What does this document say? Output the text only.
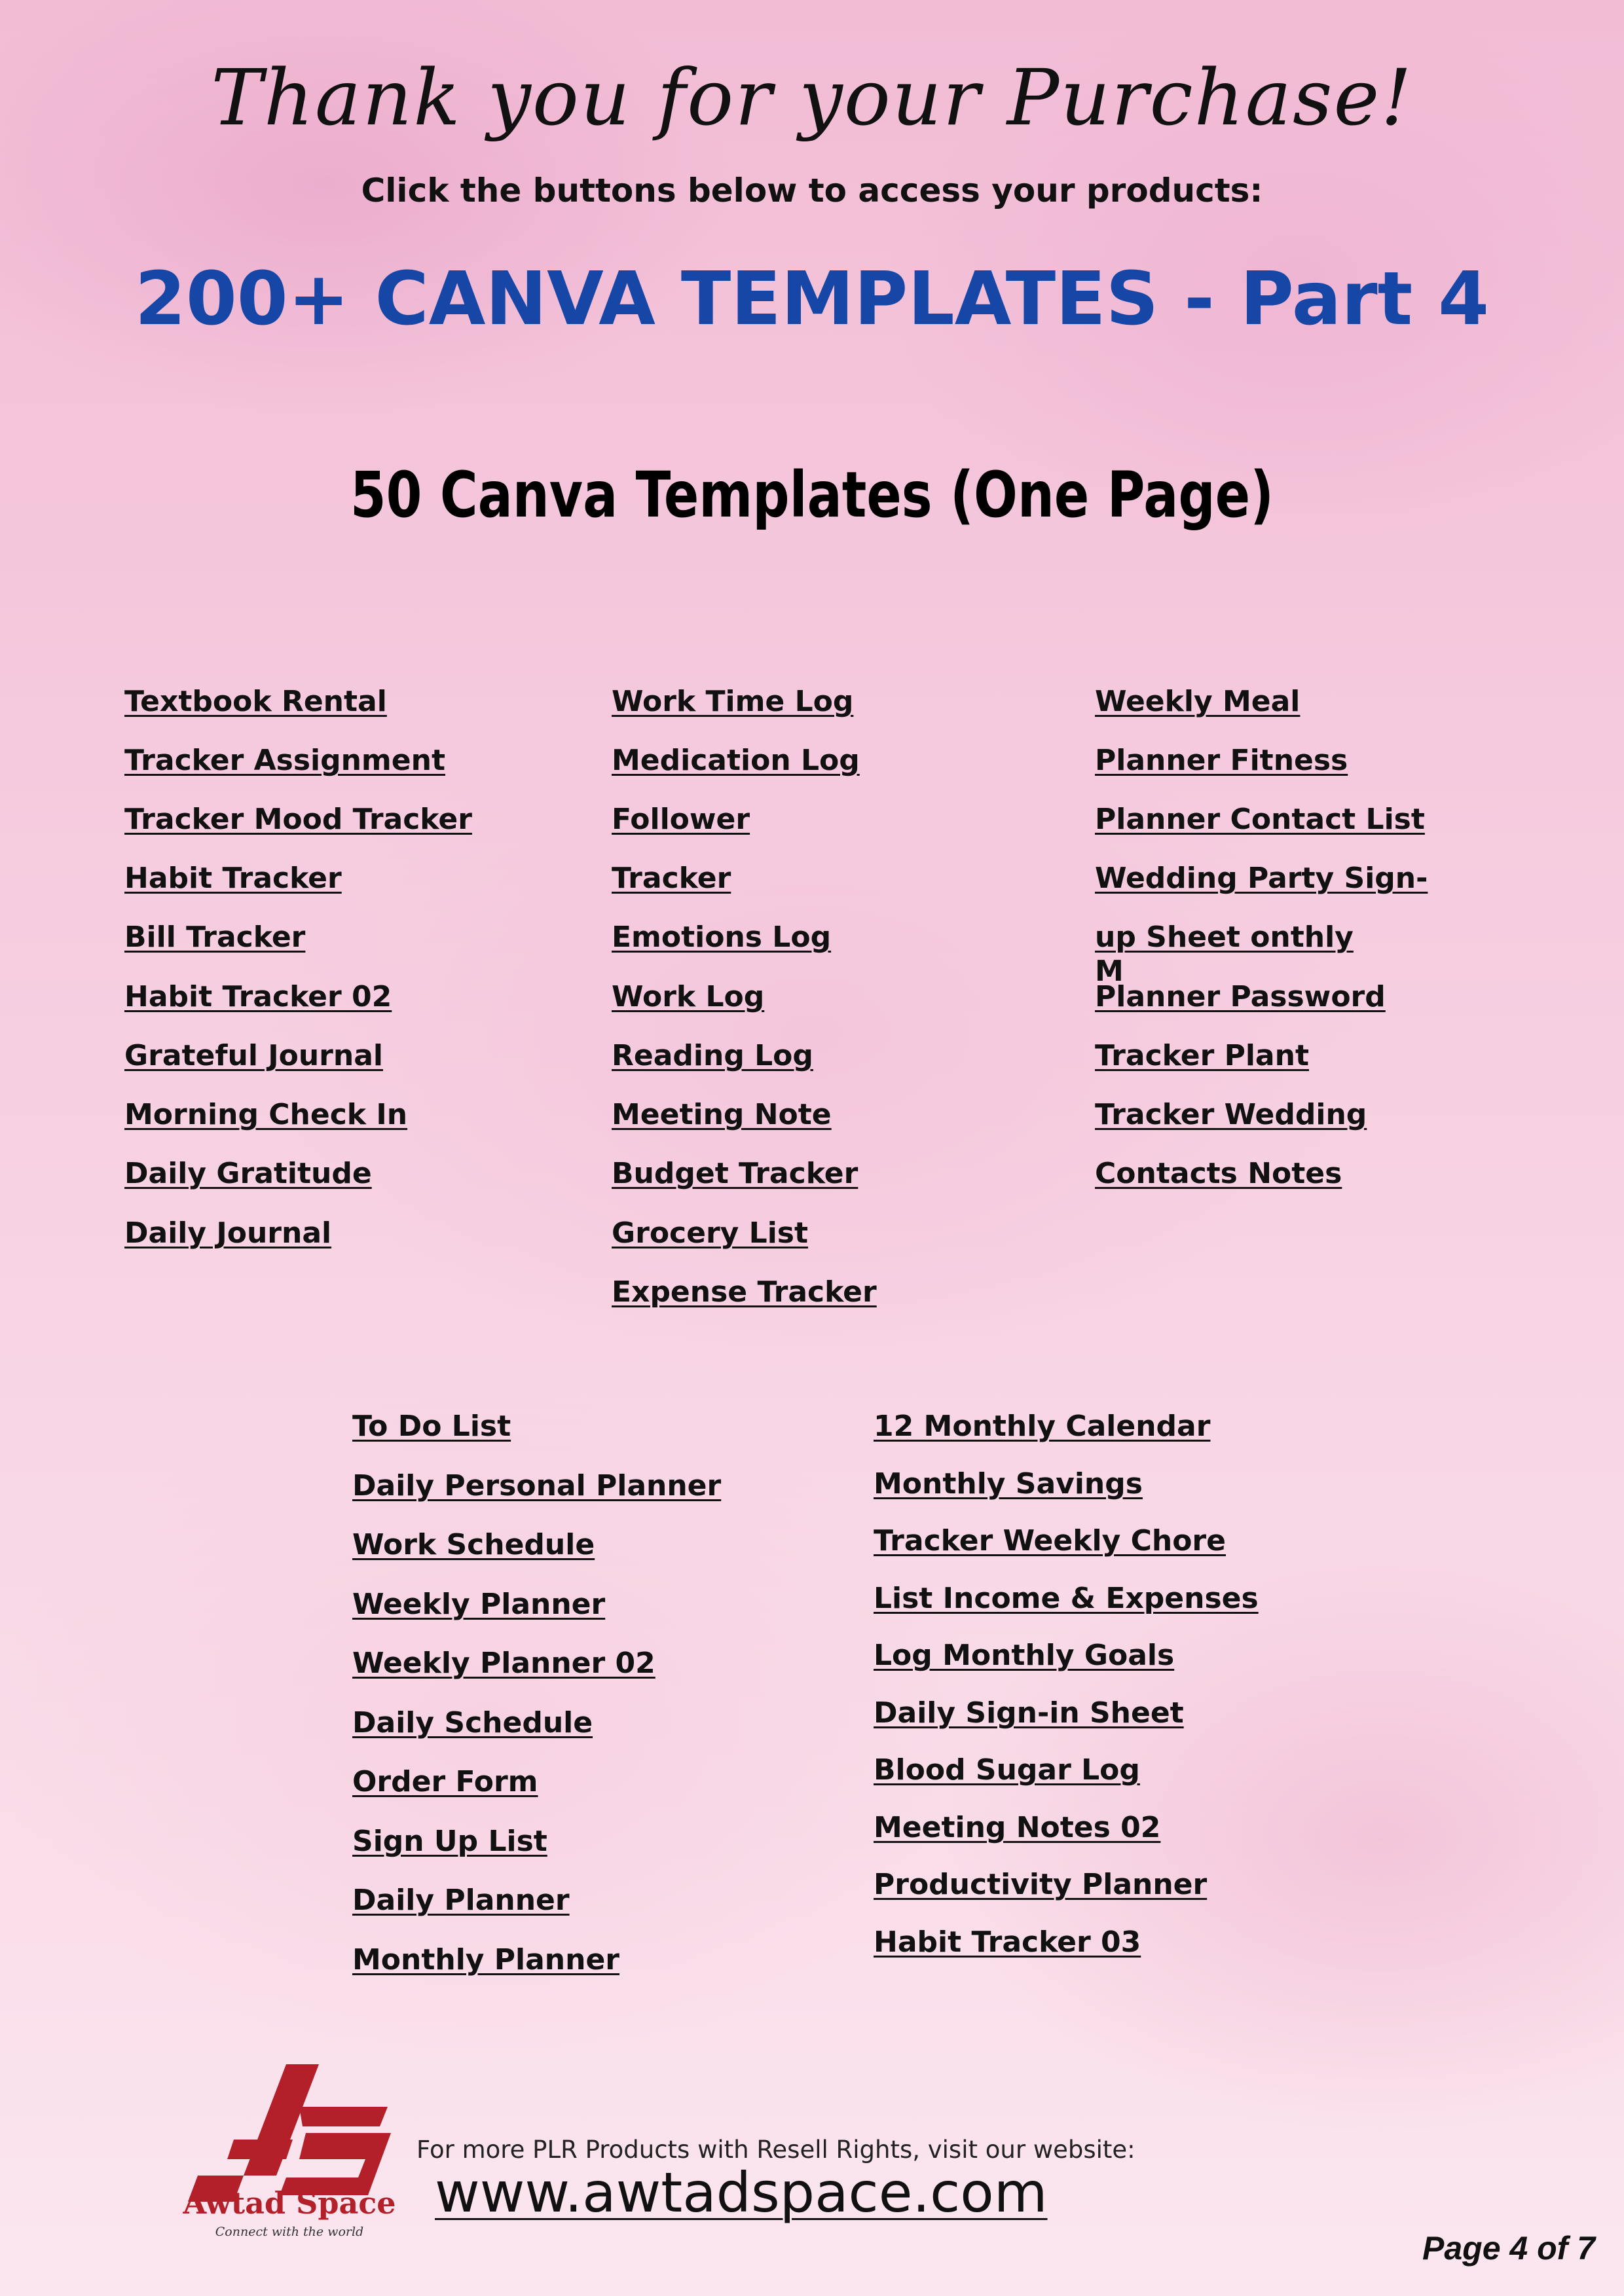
Thank you for your Purchase!
Click the buttons below to access your products:
200+ CANVA TEMPLATES - Part 4
50 Canva Templates (One Page)
Textbook Rental
Tracker Assignment
Tracker Mood Tracker
Habit Tracker
Bill Tracker
Habit Tracker 02
Grateful Journal
Morning Check In
Daily Gratitude
Daily Journal
Work Time Log
Medication Log
Follower
Tracker
Emotions Log
Work Log
Reading Log
Meeting Note
Budget Tracker
Grocery List
Expense Tracker
Weekly Meal
Planner Fitness
Planner Contact List
Wedding Party Sign-
up Sheet onthly
M
Planner Password
Tracker Plant
Tracker Wedding
Contacts Notes
To Do List
Daily Personal Planner
Work Schedule
Weekly Planner
Weekly Planner 02
Daily Schedule
Order Form
Sign Up List
Daily Planner
Monthly Planner
12 Monthly Calendar
Monthly Savings
Tracker Weekly Chore
List Income & Expenses
Log Monthly Goals
Daily Sign-in Sheet
Blood Sugar Log
Meeting Notes 02
Productivity Planner
Habit Tracker 03
Awtad Space
Connect with the world
For more PLR Products with Resell Rights, visit our website:
www.awtadspace.com
Page 4 of 7
